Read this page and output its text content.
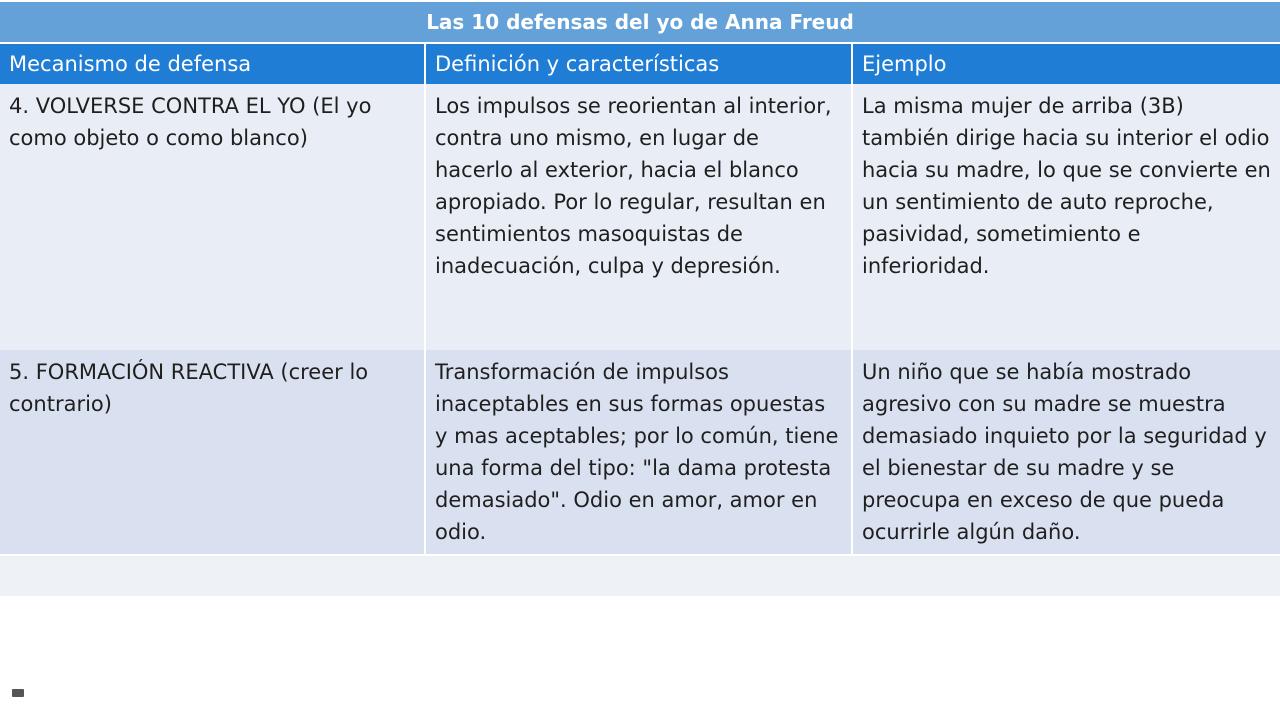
Las 10 defensas del yo de Anna Freud
Mecanismo de defensa	Definición y características	Ejemplo
4. VOLVERSE CONTRA EL YO (El yo como objeto o como blanco)
Los impulsos se reorientan al interior, contra uno mismo, en lugar de hacerlo al exterior, hacia el blanco apropiado. Por lo regular, resultan en sentimientos masoquistas de inadecuación, culpa y depresión.
La misma mujer de arriba (3B) también dirige hacia su interior el odio hacia su madre, lo que se convierte en un sentimiento de auto reproche, pasividad, sometimiento e inferioridad.
5. FORMACIÓN REACTIVA (creer lo contrario)
Transformación de impulsos inaceptables en sus formas opuestas y mas aceptables; por lo común, tiene una forma del tipo: "la dama protesta demasiado". Odio en amor, amor en odio.
Un niño que se había mostrado agresivo con su madre se muestra demasiado inquieto por la seguridad y el bienestar de su madre y se preocupa en exceso de que pueda ocurrirle algún daño.
